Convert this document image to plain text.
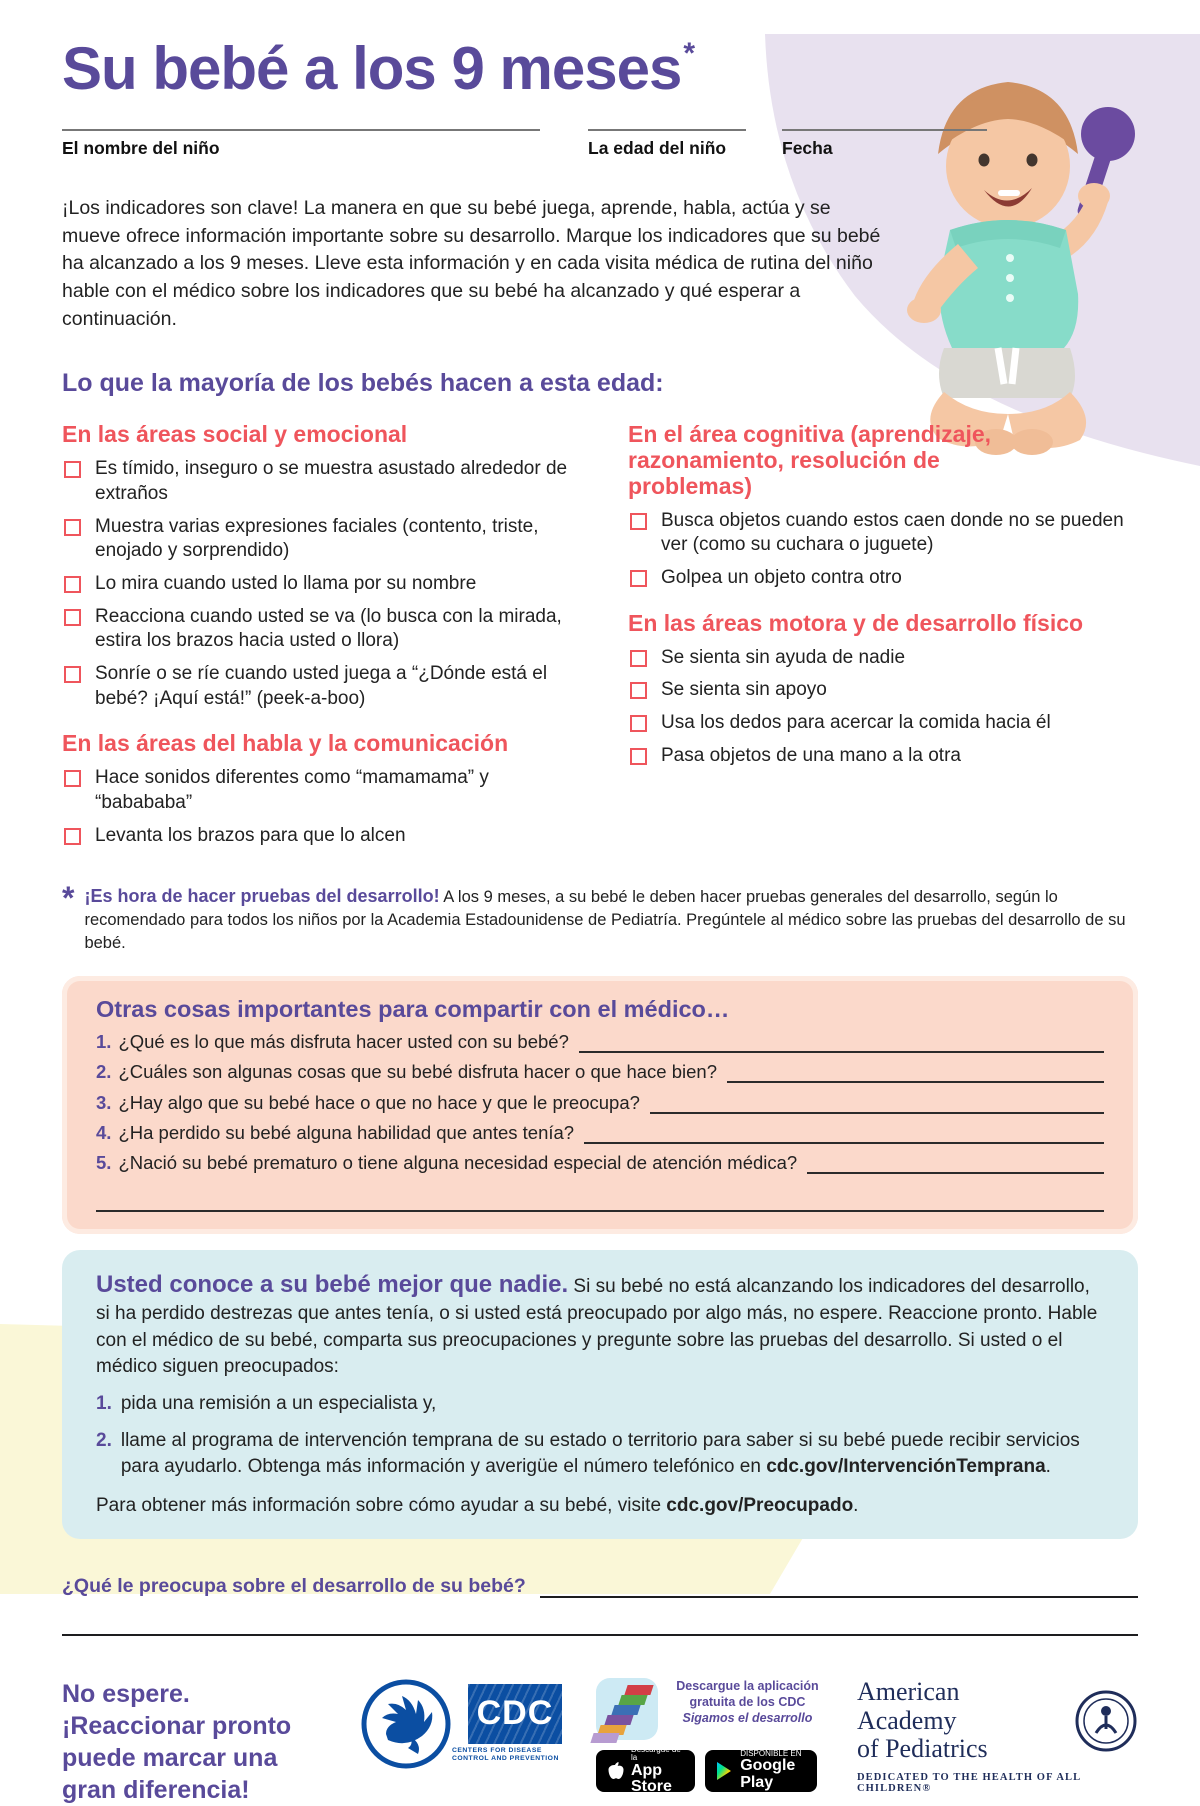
Su bebé a los 9 meses*
El nombre del niño	La edad del niño	Fecha

¡Los indicadores son clave! La manera en que su bebé juega, aprende, habla, actúa y se mueve ofrece información importante sobre su desarrollo. Marque los indicadores que su bebé ha alcanzado a los 9 meses. Lleve esta información y en cada visita médica de rutina del niño hable con el médico sobre los indicadores que su bebé ha alcanzado y qué esperar a continuación.

Lo que la mayoría de los bebés hacen a esta edad:
En las áreas social y emocional
Es tímido, inseguro o se muestra asustado alrededor de extraños
Muestra varias expresiones faciales (contento, triste, enojado y sorprendido)
Lo mira cuando usted lo llama por su nombre
Reacciona cuando usted se va (lo busca con la mirada, estira los brazos hacia usted o llora)
Sonríe o se ríe cuando usted juega a “¿Dónde está el bebé? ¡Aquí está!” (peek-a-boo)
En las áreas del habla y la comunicación
Hace sonidos diferentes como “mamamama” y “babababa”
Levanta los brazos para que lo alcen
En el área cognitiva (aprendizaje, razonamiento, resolución de problemas)
Busca objetos cuando estos caen donde no se pueden ver (como su cuchara o juguete)
Golpea un objeto contra otro
En las áreas motora y de desarrollo físico
Se sienta sin ayuda de nadie
Se sienta sin apoyo
Usa los dedos para acercar la comida hacia él
Pasa objetos de una mano a la otra
* ¡Es hora de hacer pruebas del desarrollo! A los 9 meses, a su bebé le deben hacer pruebas generales del desarrollo, según lo recomendado para todos los niños por la Academia Estadounidense de Pediatría. Pregúntele al médico sobre las pruebas del desarrollo de su bebé.
Otras cosas importantes para compartir con el médico…
1. ¿Qué es lo que más disfruta hacer usted con su bebé?
2. ¿Cuáles son algunas cosas que su bebé disfruta hacer o que hace bien?
3. ¿Hay algo que su bebé hace o que no hace y que le preocupa?
4. ¿Ha perdido su bebé alguna habilidad que antes tenía?
5. ¿Nació su bebé prematuro o tiene alguna necesidad especial de atención médica?

Usted conoce a su bebé mejor que nadie. Si su bebé no está alcanzando los indicadores del desarrollo, si ha perdido destrezas que antes tenía, o si usted está preocupado por algo más, no espere. Reaccione pronto. Hable con el médico de su bebé, comparta sus preocupaciones y pregunte sobre las pruebas del desarrollo. Si usted o el médico siguen preocupados:

1. pida una remisión a un especialista y,
2. llame al programa de intervención temprana de su estado o territorio para saber si su bebé puede recibir servicios para ayudarlo. Obtenga más información y averigüe el número telefónico en cdc.gov/IntervenciónTemprana.

Para obtener más información sobre cómo ayudar a su bebé, visite cdc.gov/Preocupado.

¿Qué le preocupa sobre el desarrollo de su bebé?
No espere. ¡Reaccionar pronto puede marcar una gran diferencia!
CDC
CENTERS FOR DISEASE
CONTROL AND PREVENTION
Descargue la aplicación gratuita de los CDC Sigamos el desarrollo
Descargue de la
App Store
DISPONIBLE EN
Google Play
American Academy
of Pediatrics
DEDICATED TO THE HEALTH OF ALL CHILDREN®
